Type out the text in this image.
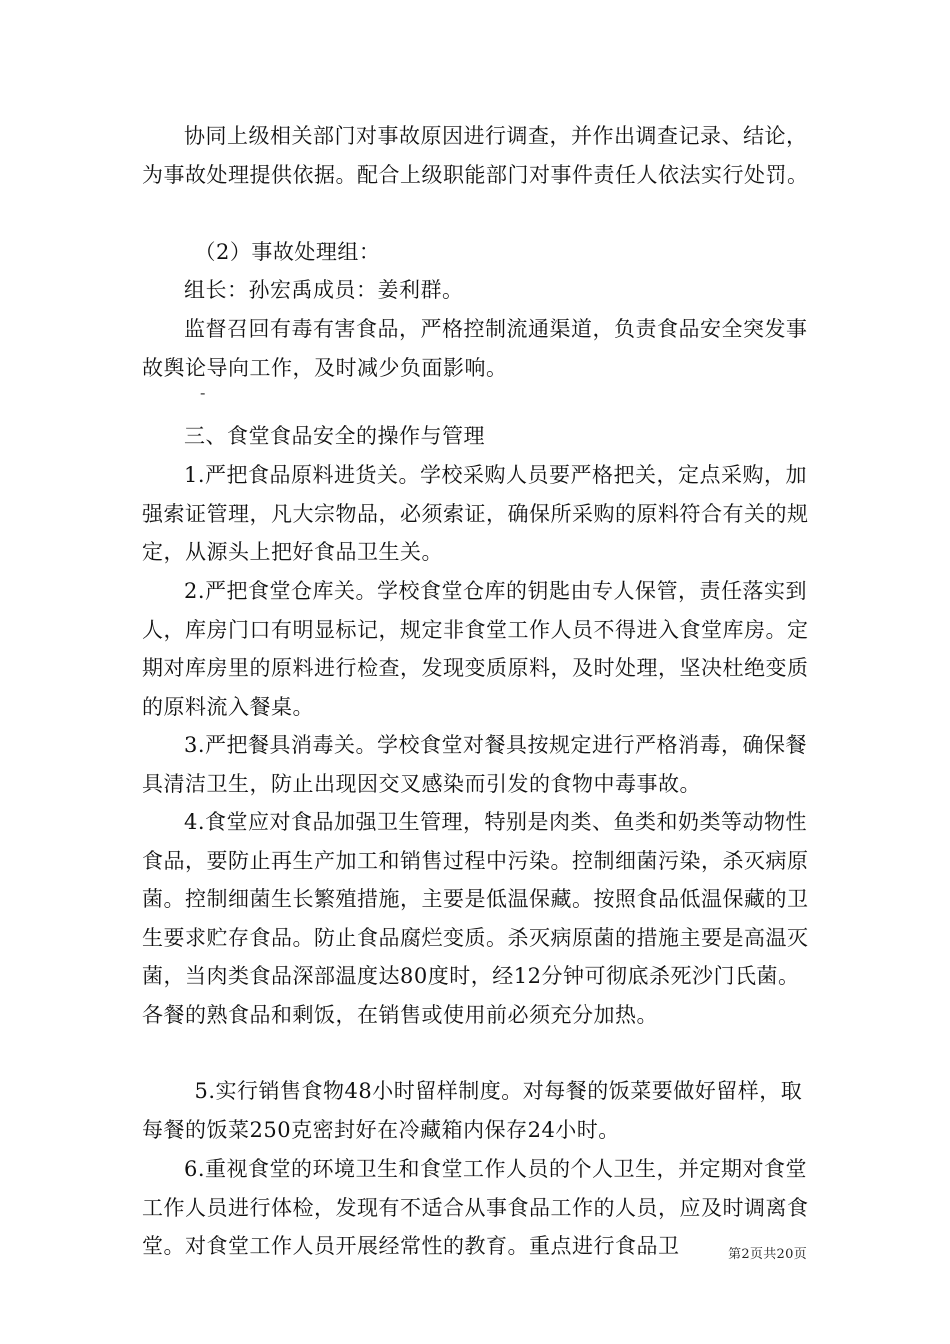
协同上级相关部门对事故原因进行调查，并作出调查记录、结论，为事故处理提供依据。配合上级职能部门对事件责任人依法实行处罚。

（2）事故处理组：

组长：孙宏禹成员：姜利群。

监督召回有毒有害食品，严格控制流通渠道，负责食品安全突发事故舆论导向工作，及时减少负面影响。

-

三、食堂食品安全的操作与管理

1.严把食品原料进货关。学校采购人员要严格把关，定点采购，加强索证管理，凡大宗物品，必须索证，确保所采购的原料符合有关的规定，从源头上把好食品卫生关。

2.严把食堂仓库关。学校食堂仓库的钥匙由专人保管，责任落实到人，库房门口有明显标记，规定非食堂工作人员不得进入食堂库房。定期对库房里的原料进行检查，发现变质原料，及时处理，坚决杜绝变质的原料流入餐桌。

3.严把餐具消毒关。学校食堂对餐具按规定进行严格消毒，确保餐具清洁卫生，防止出现因交叉感染而引发的食物中毒事故。

4.食堂应对食品加强卫生管理，特别是肉类、鱼类和奶类等动物性食品，要防止再生产加工和销售过程中污染。控制细菌污染，杀灭病原菌。控制细菌生长繁殖措施，主要是低温保藏。按照食品低温保藏的卫生要求贮存食品。防止食品腐烂变质。杀灭病原菌的措施主要是高温灭菌，当肉类食品深部温度达80度时，经12分钟可彻底杀死沙门氏菌。各餐的熟食品和剩饭，在销售或使用前必须充分加热。

5.实行销售食物48小时留样制度。对每餐的饭菜要做好留样，取每餐的饭菜250克密封好在冷藏箱内保存24小时。

6.重视食堂的环境卫生和食堂工作人员的个人卫生，并定期对食堂工作人员进行体检，发现有不适合从事食品工作的人员，应及时调离食堂。对食堂工作人员开展经常性的教育。重点进行食品卫	第2页共20页
